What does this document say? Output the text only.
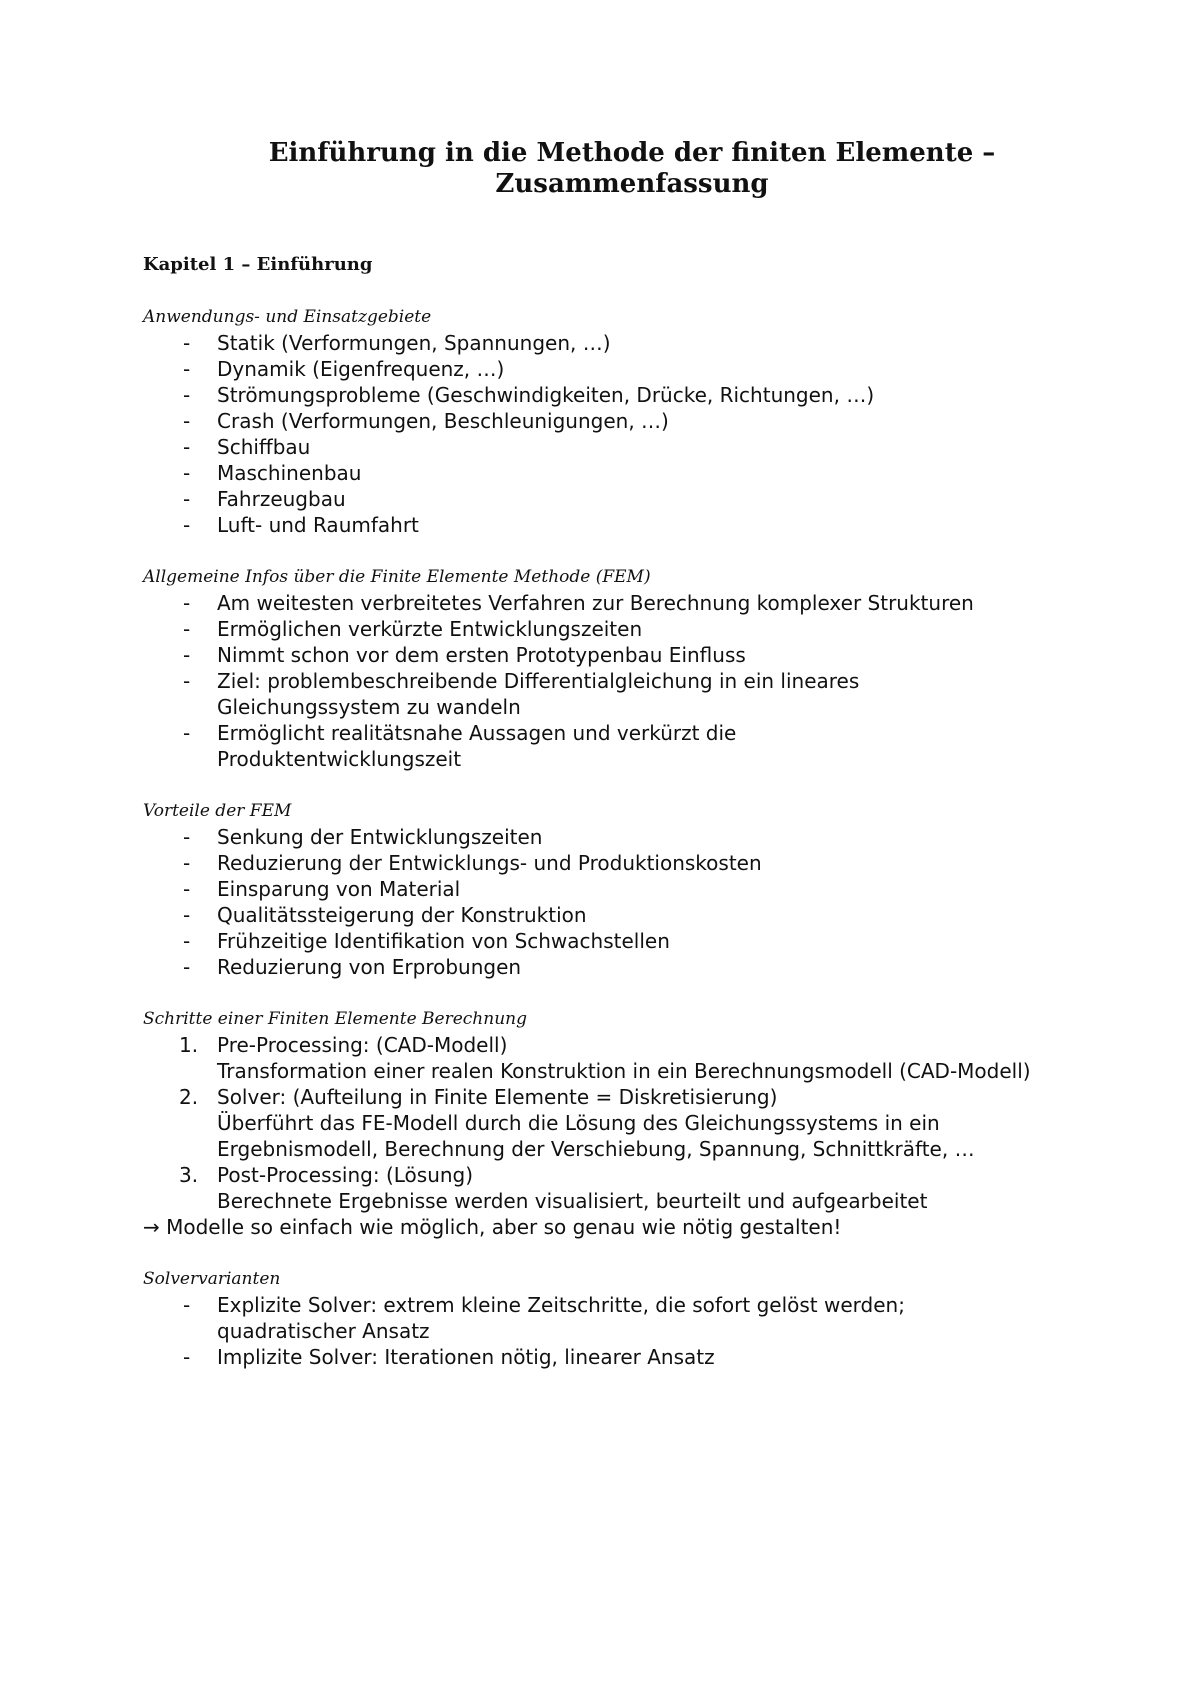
Einführung in die Methode der finiten Elemente – Zusammenfassung
Kapitel 1 – Einführung

Anwendungs- und Einsatzgebiete

-	Statik (Verformungen, Spannungen, …)
-	Dynamik (Eigenfrequenz, …)
-	Strömungsprobleme (Geschwindigkeiten, Drücke, Richtungen, …)
-	Crash (Verformungen, Beschleunigungen, …)
-	Schiffbau
-	Maschinenbau
-	Fahrzeugbau
-	Luft- und Raumfahrt

Allgemeine Infos über die Finite Elemente Methode (FEM)

-	Am weitesten verbreitetes Verfahren zur Berechnung komplexer Strukturen
-	Ermöglichen verkürzte Entwicklungszeiten
-	Nimmt schon vor dem ersten Prototypenbau Einfluss
-	Ziel: problembeschreibende Differentialgleichung in ein lineares Gleichungssystem zu wandeln
-	Ermöglicht realitätsnahe Aussagen und verkürzt die Produktentwicklungszeit

Vorteile der FEM

-	Senkung der Entwicklungszeiten
-	Reduzierung der Entwicklungs- und Produktionskosten
-	Einsparung von Material
-	Qualitätssteigerung der Konstruktion
-	Frühzeitige Identifikation von Schwachstellen
-	Reduzierung von Erprobungen

Schritte einer Finiten Elemente Berechnung

1. Pre-Processing: (CAD-Modell)
Transformation einer realen Konstruktion in ein Berechnungsmodell (CAD-Modell)
2. Solver: (Aufteilung in Finite Elemente = Diskretisierung)
Überführt das FE-Modell durch die Lösung des Gleichungssystems in ein Ergebnismodell, Berechnung der Verschiebung, Spannung, Schnittkräfte, …
3. Post-Processing: (Lösung)
Berechnete Ergebnisse werden visualisiert, beurteilt und aufgearbeitet
→ Modelle so einfach wie möglich, aber so genau wie nötig gestalten!

Solvervarianten

-	Explizite Solver: extrem kleine Zeitschritte, die sofort gelöst werden; quadratischer Ansatz
-	Implizite Solver: Iterationen nötig, linearer Ansatz
